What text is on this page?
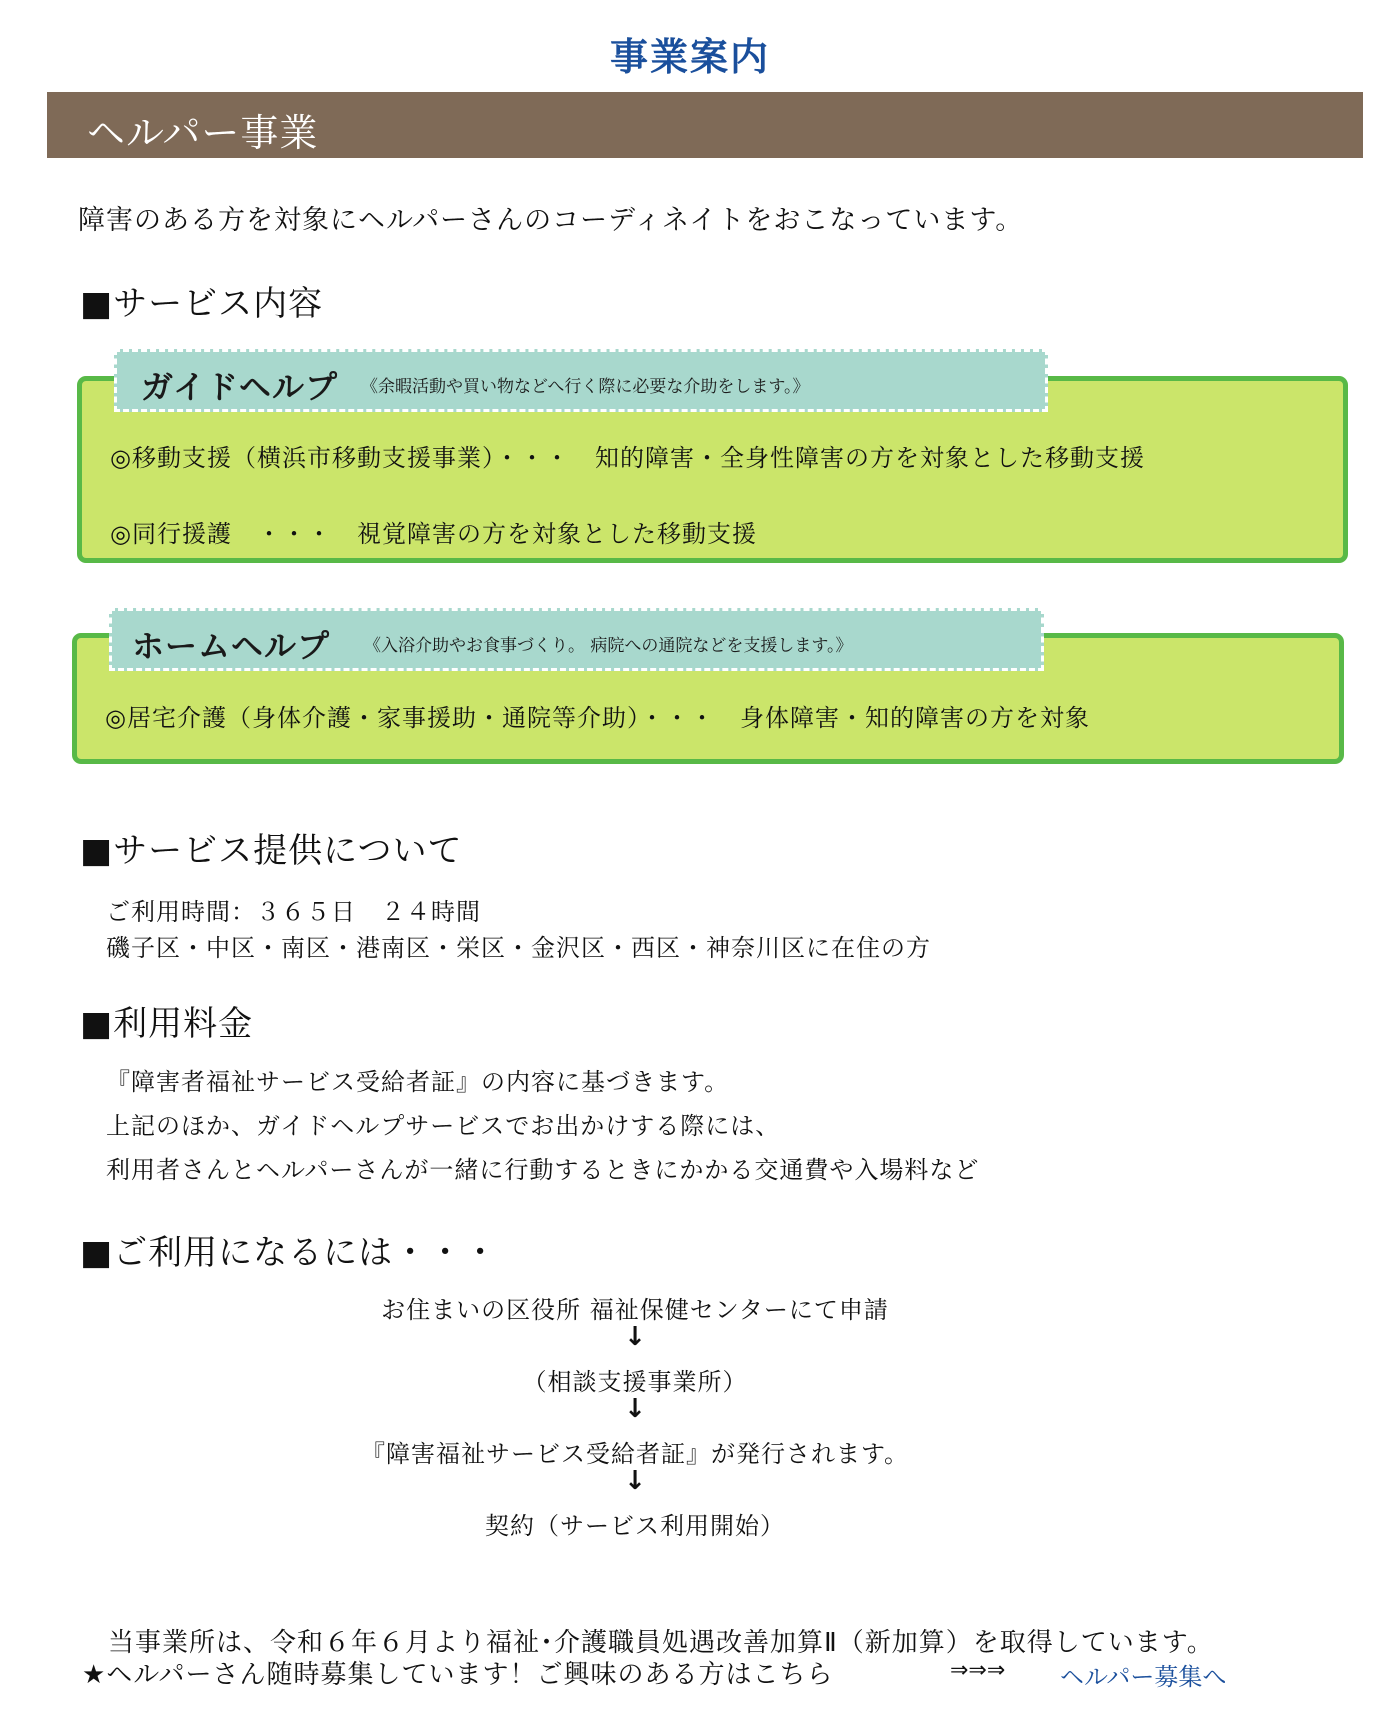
事業案内
ヘルパー事業
障害のある方を対象にヘルパーさんのコーディネイトをおこなっています。
■サービス内容
◎移動支援（横浜市移動支援事業）・・・　知的障害・全身性障害の方を対象とした移動支援
◎同行援護　・・・　視覚障害の方を対象とした移動支援
ガイドヘルプ 《余暇活動や買い物などへ行く際に必要な介助をします。》
◎居宅介護（身体介護・家事援助・通院等介助）・・・　身体障害・知的障害の方を対象
ホームヘルプ 《入浴介助やお食事づくり。 病院への通院などを支援します。》
■サービス提供について
ご利用時間：３６５日　２４時間
磯子区・中区・南区・港南区・栄区・金沢区・西区・神奈川区に在住の方
■利用料金
『障害者福祉サービス受給者証』の内容に基づきます。
上記のほか、ガイドヘルプサービスでお出かけする際には、
利用者さんとヘルパーさんが一緒に行動するときにかかる交通費や入場料など
■ご利用になるには・・・
お住まいの区役所 福祉保健センターにて申請
↓
（相談支援事業所）
↓
『障害福祉サービス受給者証』が発行されます。
↓
契約（サービス利用開始）
当事業所は、令和６年６月より福祉･介護職員処遇改善加算Ⅱ（新加算）を取得しています。
★ヘルパーさん随時募集しています！ご興味のある方はこちら	⇒⇒⇒ ヘルパー募集へ
